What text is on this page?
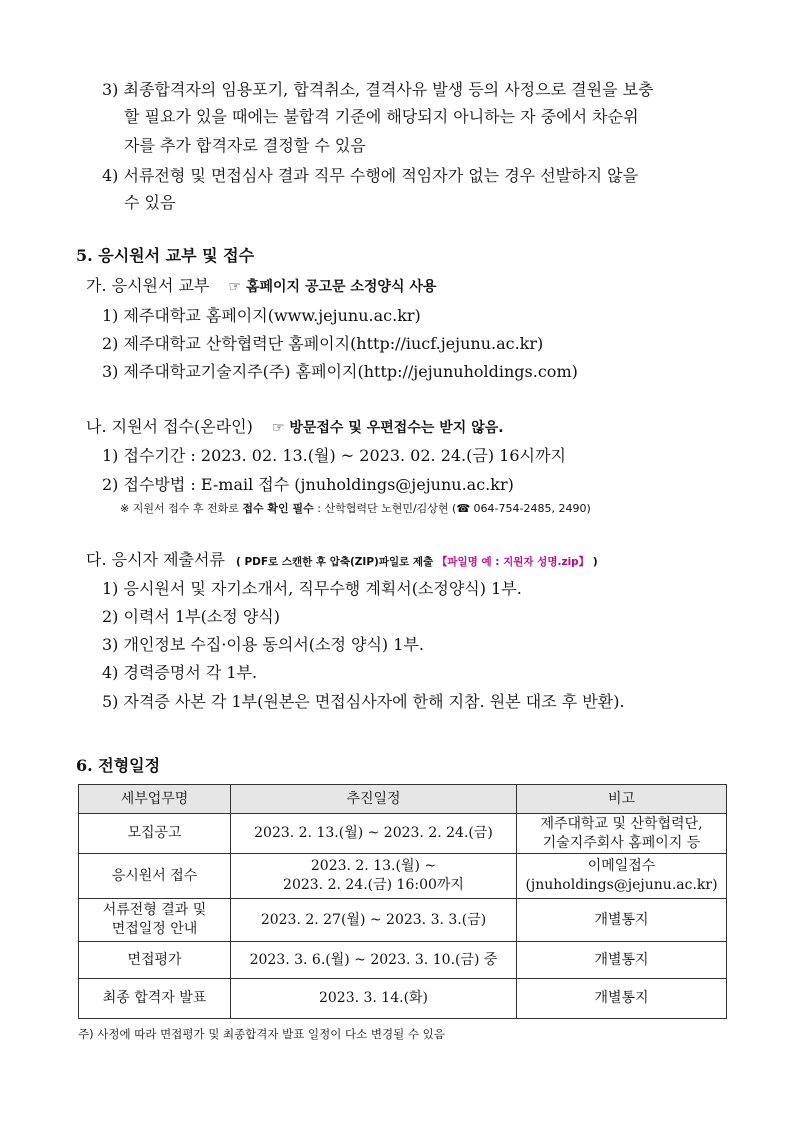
3) 최종합격자의 임용포기, 합격취소, 결격사유 발생 등의 사정으로 결원을 보충
할 필요가 있을 때에는 불합격 기준에 해당되지 아니하는 자 중에서 차순위
자를 추가 합격자로 결정할 수 있음
4) 서류전형 및 면접심사 결과 직무 수행에 적임자가 없는 경우 선발하지 않을
수 있음
5. 응시원서 교부 및 접수
가. 응시원서 교부 ☞ 홈페이지 공고문 소정양식 사용
1) 제주대학교 홈페이지(www.jejunu.ac.kr)
2) 제주대학교 산학협력단 홈페이지(http://iucf.jejunu.ac.kr)
3) 제주대학교기술지주(주) 홈페이지(http://jejunuholdings.com)
나. 지원서 접수(온라인) ☞ 방문접수 및 우편접수는 받지 않음.
1) 접수기간 : 2023. 02. 13.(월) ~ 2023. 02. 24.(금) 16시까지
2) 접수방법 : E-mail 접수 (jnuholdings@jejunu.ac.kr)
※ 지원서 접수 후 전화로 접수 확인 필수 : 산학협력단 노현민/김상현 (☎ 064-754-2485, 2490)
다. 응시자 제출서류 ( PDF로 스캔한 후 압축(ZIP)파일로 제출 【파일명 예 : 지원자 성명.zip】 )
1) 응시원서 및 자기소개서, 직무수행 계획서(소정양식) 1부.
2) 이력서 1부(소정 양식)
3) 개인정보 수집·이용 동의서(소정 양식) 1부.
4) 경력증명서 각 1부.
5) 자격증 사본 각 1부(원본은 면접심사자에 한해 지참. 원본 대조 후 반환).
6. 전형일정
세부업무명	추진일정	비고
모집공고	2023. 2. 13.(월) ~ 2023. 2. 24.(금)	제주대학교 및 산학협력단,
기술지주회사 홈페이지 등
응시원서 접수	2023. 2. 13.(월) ~
2023. 2. 24.(금) 16:00까지	이메일접수
(jnuholdings@jejunu.ac.kr)
서류전형 결과 및
면접일정 안내	2023. 2. 27(월) ~ 2023. 3. 3.(금)	개별통지
면접평가	2023. 3. 6.(월) ~ 2023. 3. 10.(금) 중	개별통지
최종 합격자 발표	2023. 3. 14.(화)	개별통지
주) 사정에 따라 면접평가 및 최종합격자 발표 일정이 다소 변경될 수 있음
